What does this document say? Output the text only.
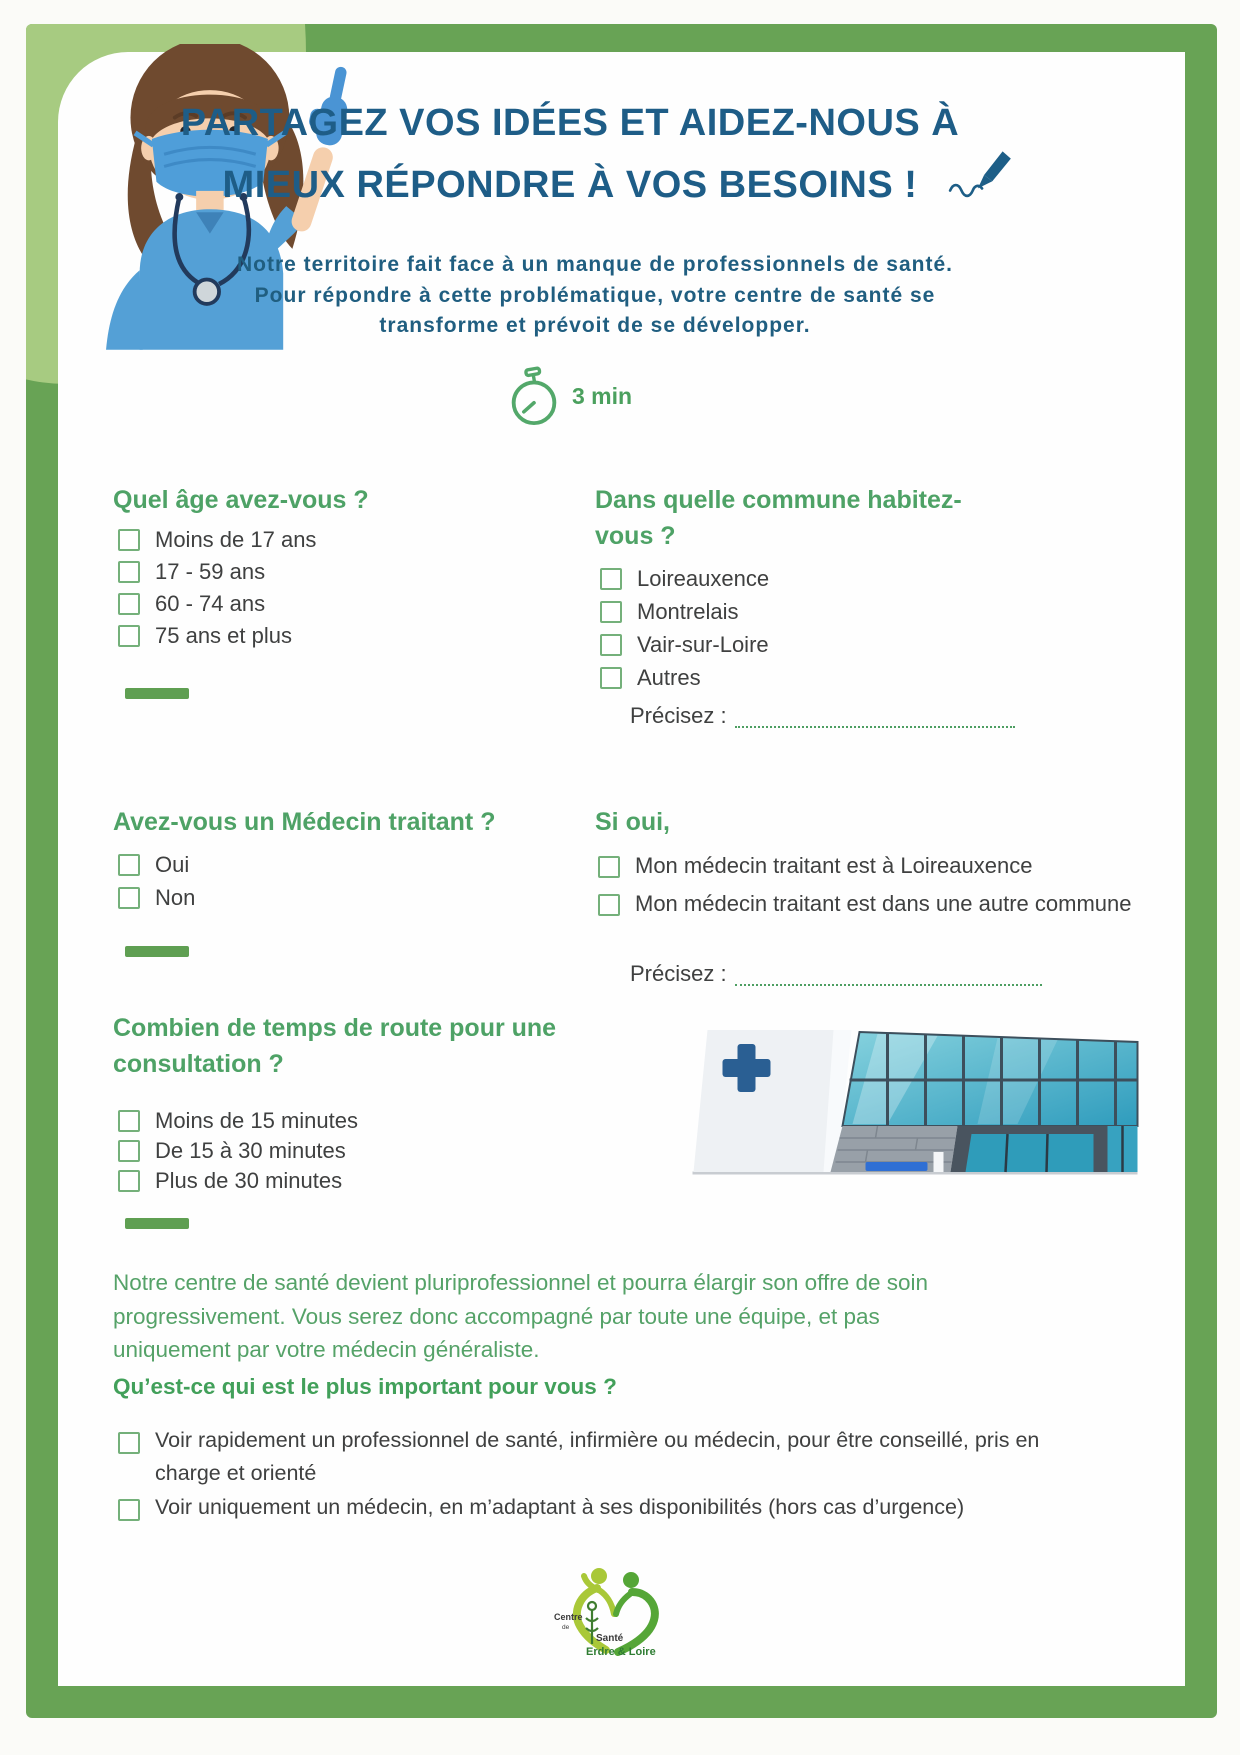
PARTAGEZ VOS IDÉES ET AIDEZ-NOUS À
MIEUX RÉPONDRE À VOS BESOINS !
Notre territoire fait face à un manque de professionnels de santé.
Pour répondre à cette problématique, votre centre de santé se
transforme et prévoit de se développer.
3 min
Quel âge avez-vous ?
Moins de 17 ans
17 - 59 ans
60 - 74 ans
75 ans et plus
Dans quelle commune habitez-
vous ?
Loireauxence
Montrelais
Vair-sur-Loire
Autres
Précisez :
Avez-vous un Médecin traitant ?
Oui
Non
Si oui,
Mon médecin traitant est à Loireauxence
Mon médecin traitant est dans une autre commune
Précisez :
Combien de temps de route pour une
consultation ?
Moins de 15 minutes
De 15 à 30 minutes
Plus de 30 minutes

Notre centre de santé devient pluriprofessionnel et pourra élargir son offre de soin

progressivement. Vous serez donc accompagné par toute une équipe, et pas

uniquement par votre médecin généraliste.

Qu’est-ce qui est le plus important pour vous ?

Voir rapidement un professionnel de santé, infirmière ou médecin, pour être conseillé, pris en charge et orienté
Voir uniquement un médecin, en m’adaptant à ses disponibilités (hors cas d’urgence)
Centre
de
Santé
Erdre & Loire
